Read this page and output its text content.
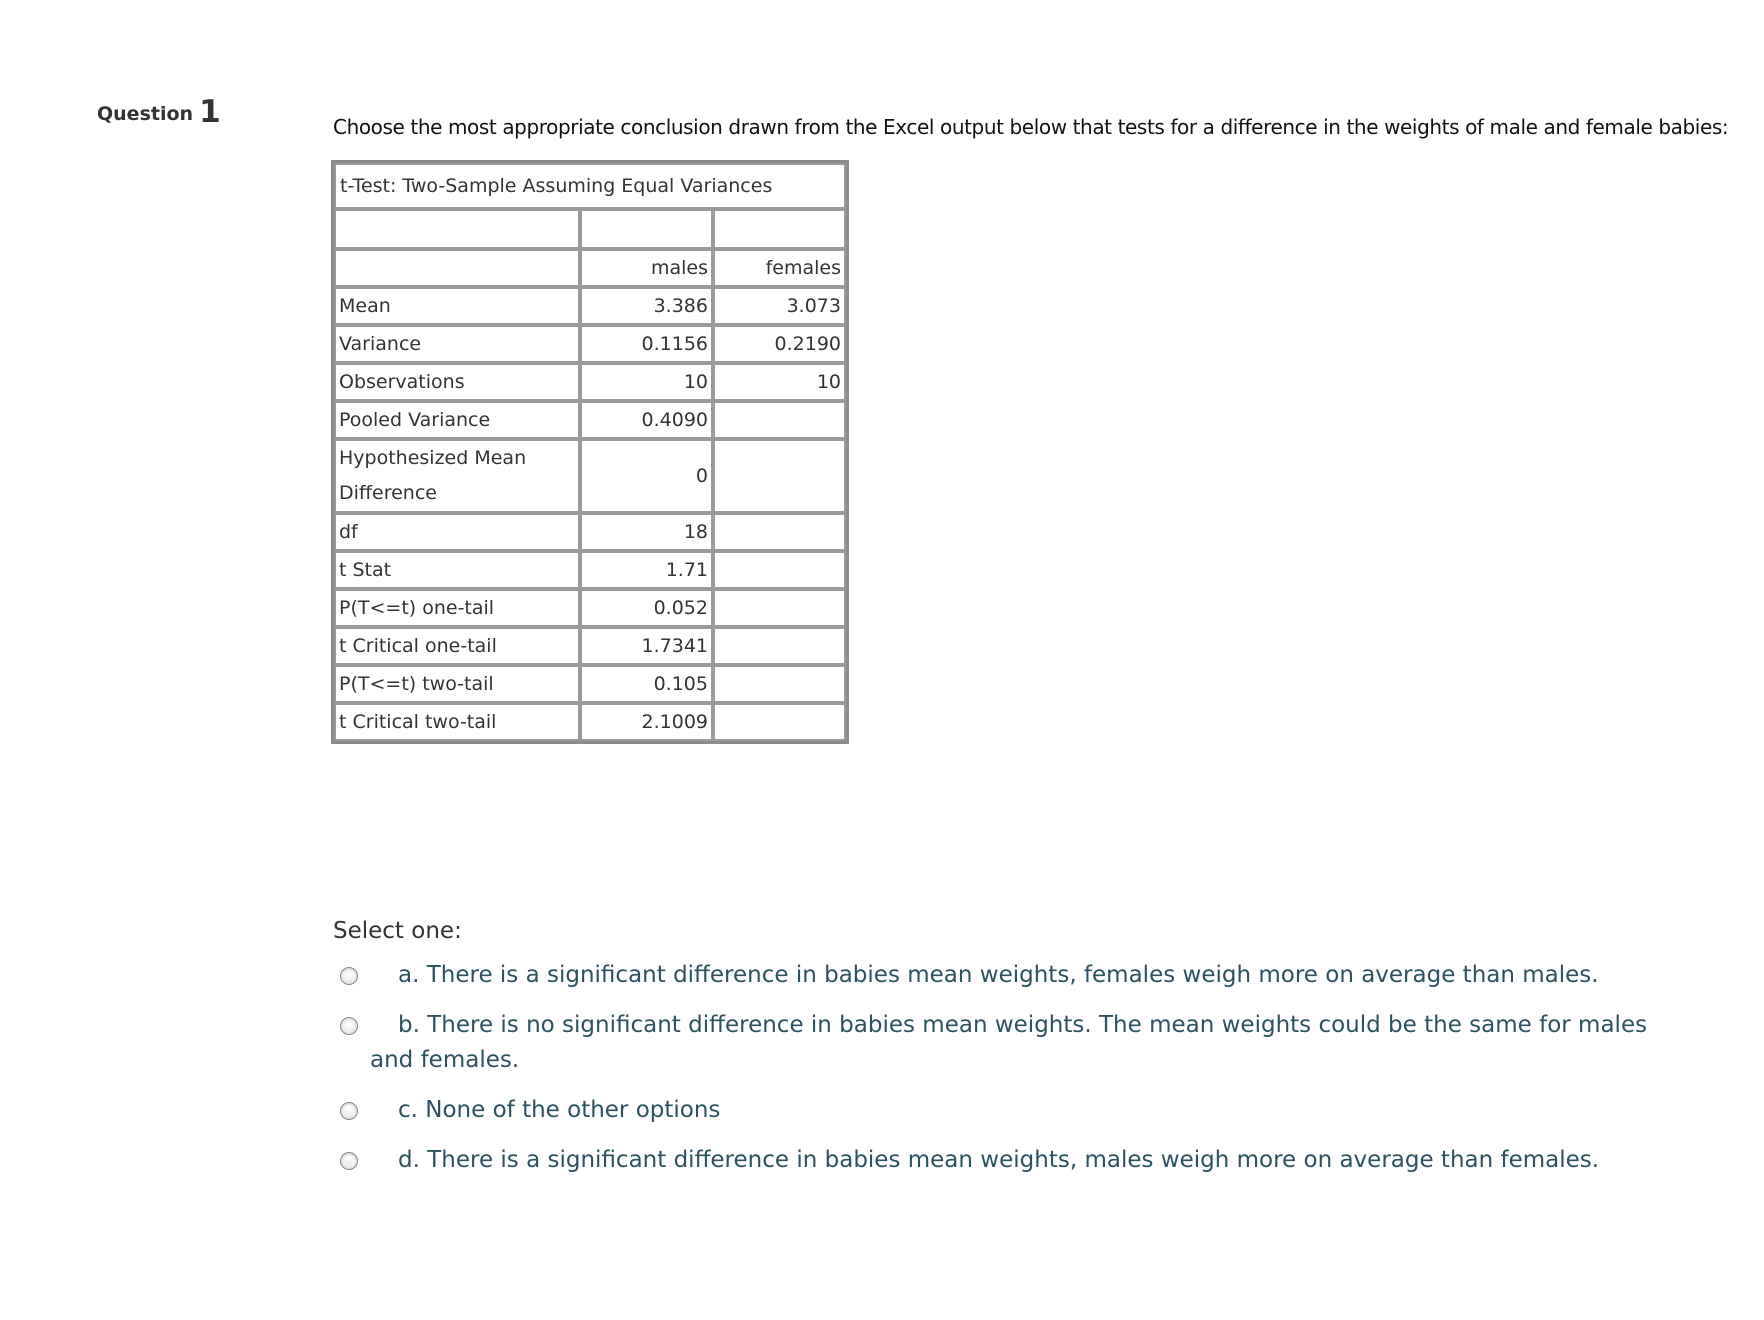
Question 1	Choose the most appropriate conclusion drawn from the Excel output below that tests for a difference in the weights of male and female babies:
t-Test: Two-Sample Assuming Equal Variances		

	males	females
Mean	3.386	3.073
Variance	0.1156	0.2190
Observations	10	10
Pooled Variance	0.4090	
Hypothesized Mean
Difference	0	
df	18	
t Stat	1.71	
P(T<=t) one-tail	0.052	
t Critical one-tail	1.7341	
P(T<=t) two-tail	0.105	
t Critical two-tail	2.1009	
Select one:
a. There is a significant difference in babies mean weights, females weigh more on average than males.
b. There is no significant difference in babies mean weights. The mean weights could be the same for males and females.
c. None of the other options
d. There is a significant difference in babies mean weights, males weigh more on average than females.
